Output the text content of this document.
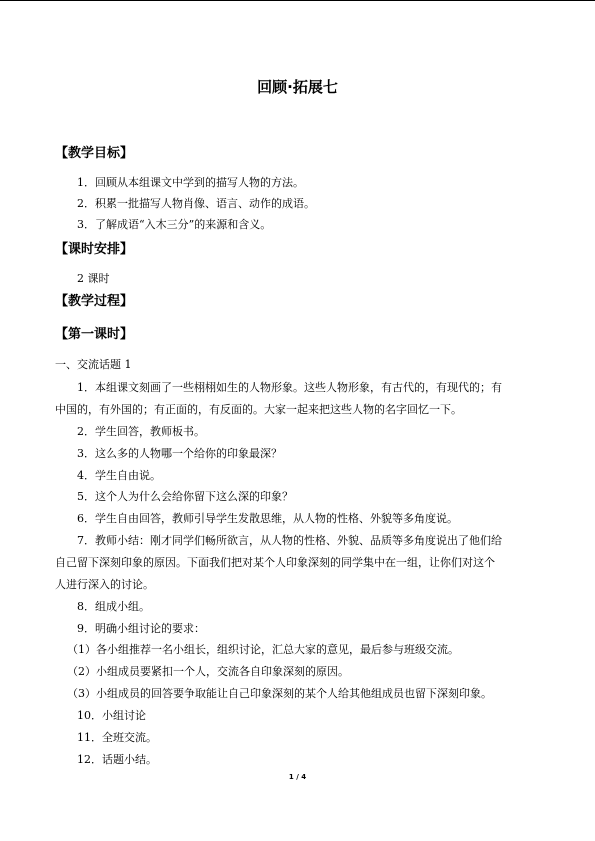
回顾·拓展七
【教学目标】
1．回顾从本组课文中学到的描写人物的方法。
2．积累一批描写人物肖像、语言、动作的成语。
3．了解成语“入木三分”的来源和含义。
【课时安排】
2 课时
【教学过程】
【第一课时】
一、交流话题 1
1．本组课文刻画了一些栩栩如生的人物形象。这些人物形象，有古代的，有现代的；有
中国的，有外国的；有正面的，有反面的。大家一起来把这些人物的名字回忆一下。
2．学生回答，教师板书。
3．这么多的人物哪一个给你的印象最深？
4．学生自由说。
5．这个人为什么会给你留下这么深的印象？
6．学生自由回答，教师引导学生发散思维，从人物的性格、外貌等多角度说。
7．教师小结：刚才同学们畅所欲言，从人物的性格、外貌、品质等多角度说出了他们给
自己留下深刻印象的原因。下面我们把对某个人印象深刻的同学集中在一组，让你们对这个
人进行深入的讨论。
8．组成小组。
9．明确小组讨论的要求：
（1）各小组推荐一名小组长，组织讨论，汇总大家的意见，最后参与班级交流。
（2）小组成员要紧扣一个人，交流各自印象深刻的原因。
（3）小组成员的回答要争取能让自己印象深刻的某个人给其他组成员也留下深刻印象。
10．小组讨论
11．全班交流。
12．话题小结。
1 / 4
